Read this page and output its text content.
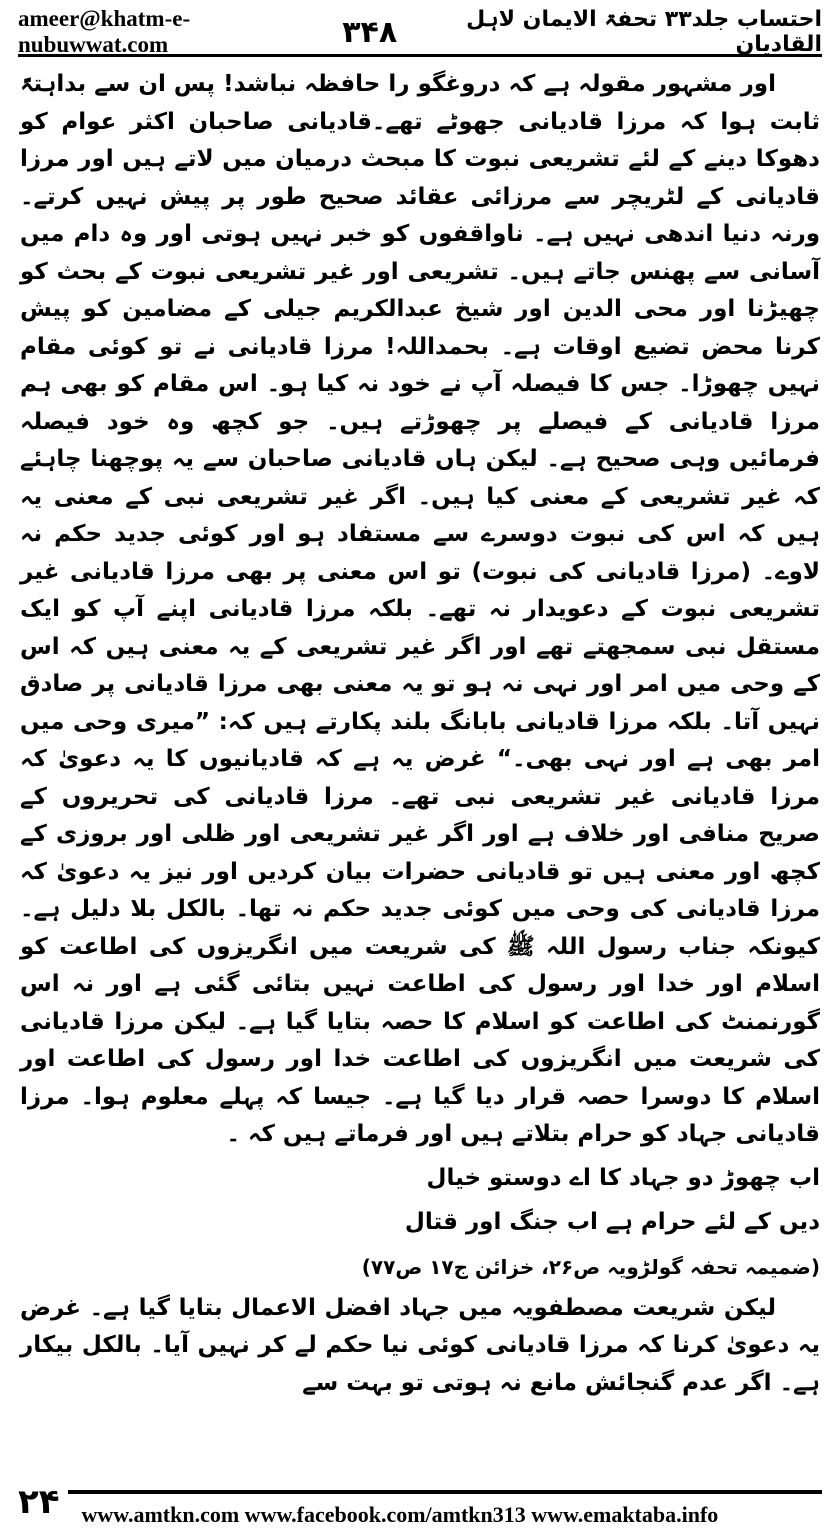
ameer@khatm-e-nubuwwat.com	۳۴۸	احتساب جلد۳۳ تحفۃ الایمان لاہل القادیان

اور مشہور مقولہ ہے کہ دروغگو را حافظہ نباشد! پس ان سے بداہتہً ثابت ہوا کہ مرزا قادیانی جھوٹے تھے۔قادیانی صاحبان اکثر عوام کو دھوکا دینے کے لئے تشریعی نبوت کا مبحث درمیان میں لاتے ہیں اور مرزا قادیانی کے لٹریچر سے مرزائی عقائد صحیح طور پر پیش نہیں کرتے۔ ورنہ دنیا اندھی نہیں ہے۔ ناواقفوں کو خبر نہیں ہوتی اور وہ دام میں آسانی سے پھنس جاتے ہیں۔ تشریعی اور غیر تشریعی نبوت کے بحث کو چھیڑنا اور محی الدین اور شیخ عبدالکریم جیلی کے مضامین کو پیش کرنا محض تضیع اوقات ہے۔ بحمداللہ! مرزا قادیانی نے تو کوئی مقام نہیں چھوڑا۔ جس کا فیصلہ آپ نے خود نہ کیا ہو۔ اس مقام کو بھی ہم مرزا قادیانی کے فیصلے پر چھوڑتے ہیں۔ جو کچھ وہ خود فیصلہ فرمائیں وہی صحیح ہے۔ لیکن ہاں قادیانی صاحبان سے یہ پوچھنا چاہئے کہ غیر تشریعی کے معنی کیا ہیں۔ اگر غیر تشریعی نبی کے معنی یہ ہیں کہ اس کی نبوت دوسرے سے مستفاد ہو اور کوئی جدید حکم نہ لاوے۔ (مرزا قادیانی کی نبوت) تو اس معنی پر بھی مرزا قادیانی غیر تشریعی نبوت کے دعویدار نہ تھے۔ بلکہ مرزا قادیانی اپنے آپ کو ایک مستقل نبی سمجھتے تھے اور اگر غیر تشریعی کے یہ معنی ہیں کہ اس کے وحی میں امر اور نہی نہ ہو تو یہ معنی بھی مرزا قادیانی پر صادق نہیں آتا۔ بلکہ مرزا قادیانی بابانگ بلند پکارتے ہیں کہ: ”میری وحی میں امر بھی ہے اور نہی بھی۔“ غرض یہ ہے کہ قادیانیوں کا یہ دعویٰ کہ مرزا قادیانی غیر تشریعی نبی تھے۔ مرزا قادیانی کی تحریروں کے صریح منافی اور خلاف ہے اور اگر غیر تشریعی اور ظلی اور بروزی کے کچھ اور معنی ہیں تو قادیانی حضرات بیان کردیں اور نیز یہ دعویٰ کہ مرزا قادیانی کی وحی میں کوئی جدید حکم نہ تھا۔ بالکل بلا دلیل ہے۔ کیونکہ جناب رسول اللہ ﷺ کی شریعت میں انگریزوں کی اطاعت کو اسلام اور خدا اور رسول کی اطاعت نہیں بتائی گئی ہے اور نہ اس گورنمنٹ کی اطاعت کو اسلام کا حصہ بتایا گیا ہے۔ لیکن مرزا قادیانی کی شریعت میں انگریزوں کی اطاعت خدا اور رسول کی اطاعت اور اسلام کا دوسرا حصہ قرار دیا گیا ہے۔ جیسا کہ پہلے معلوم ہوا۔ مرزا قادیانی جہاد کو حرام بتلاتے ہیں اور فرماتے ہیں کہ ۔

اب چھوڑ دو جہاد کا اے دوستو خیال
دیں کے لئے حرام ہے اب جنگ اور قتال

(ضمیمہ تحفہ گولڑویہ ص۲۶، خزائن ج۱۷ ص۷۷)

لیکن شریعت مصطفویہ میں جہاد افضل الاعمال بتایا گیا ہے۔ غرض یہ دعویٰ کرنا کہ مرزا قادیانی کوئی نیا حکم لے کر نہیں آیا۔ بالکل بیکار ہے۔ اگر عدم گنجائش مانع نہ ہوتی تو بہت سے

۲۴	www.amtkn.com www.facebook.com/amtkn313 www.emaktaba.info
